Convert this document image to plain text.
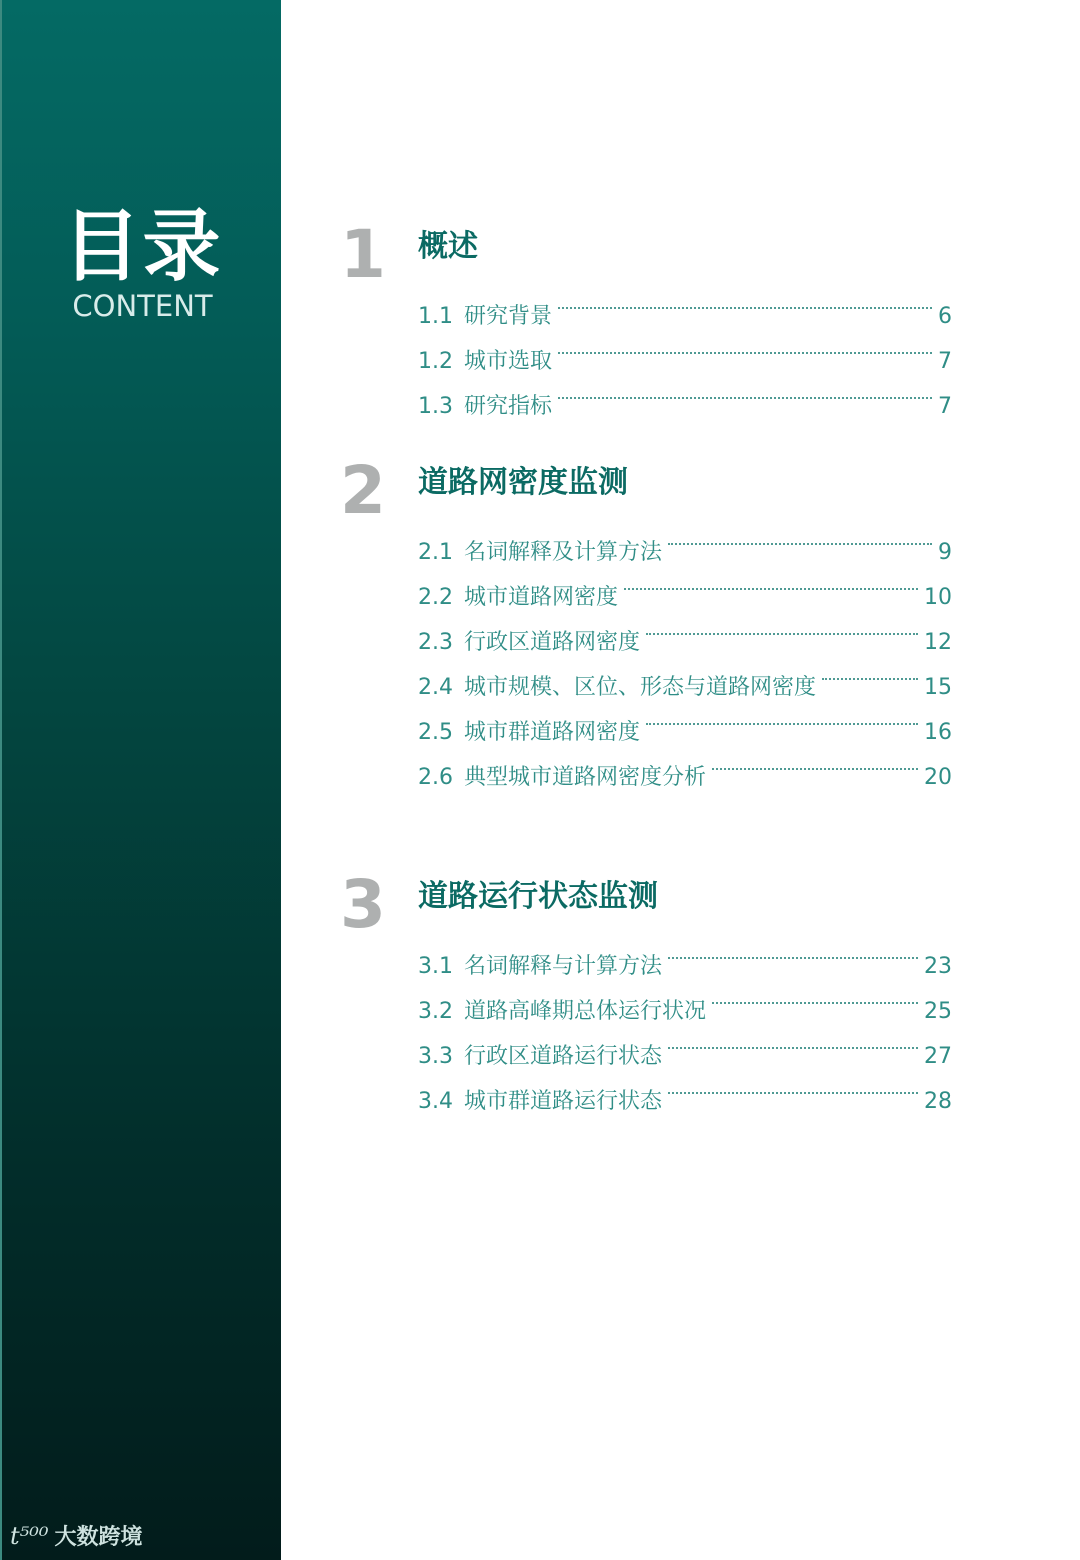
目录
CONTENT
t⁵⁰⁰ 大数跨境
1	概述
1.1 研究背景	6
1.2 城市选取	7
1.3 研究指标	7
2	道路网密度监测
2.1 名词解释及计算方法	9
2.2 城市道路网密度	10
2.3 行政区道路网密度	12
2.4 城市规模、区位、形态与道路网密度	15
2.5 城市群道路网密度	16
2.6 典型城市道路网密度分析	20
3	道路运行状态监测
3.1 名词解释与计算方法	23
3.2 道路高峰期总体运行状况	25
3.3 行政区道路运行状态	27
3.4 城市群道路运行状态	28
